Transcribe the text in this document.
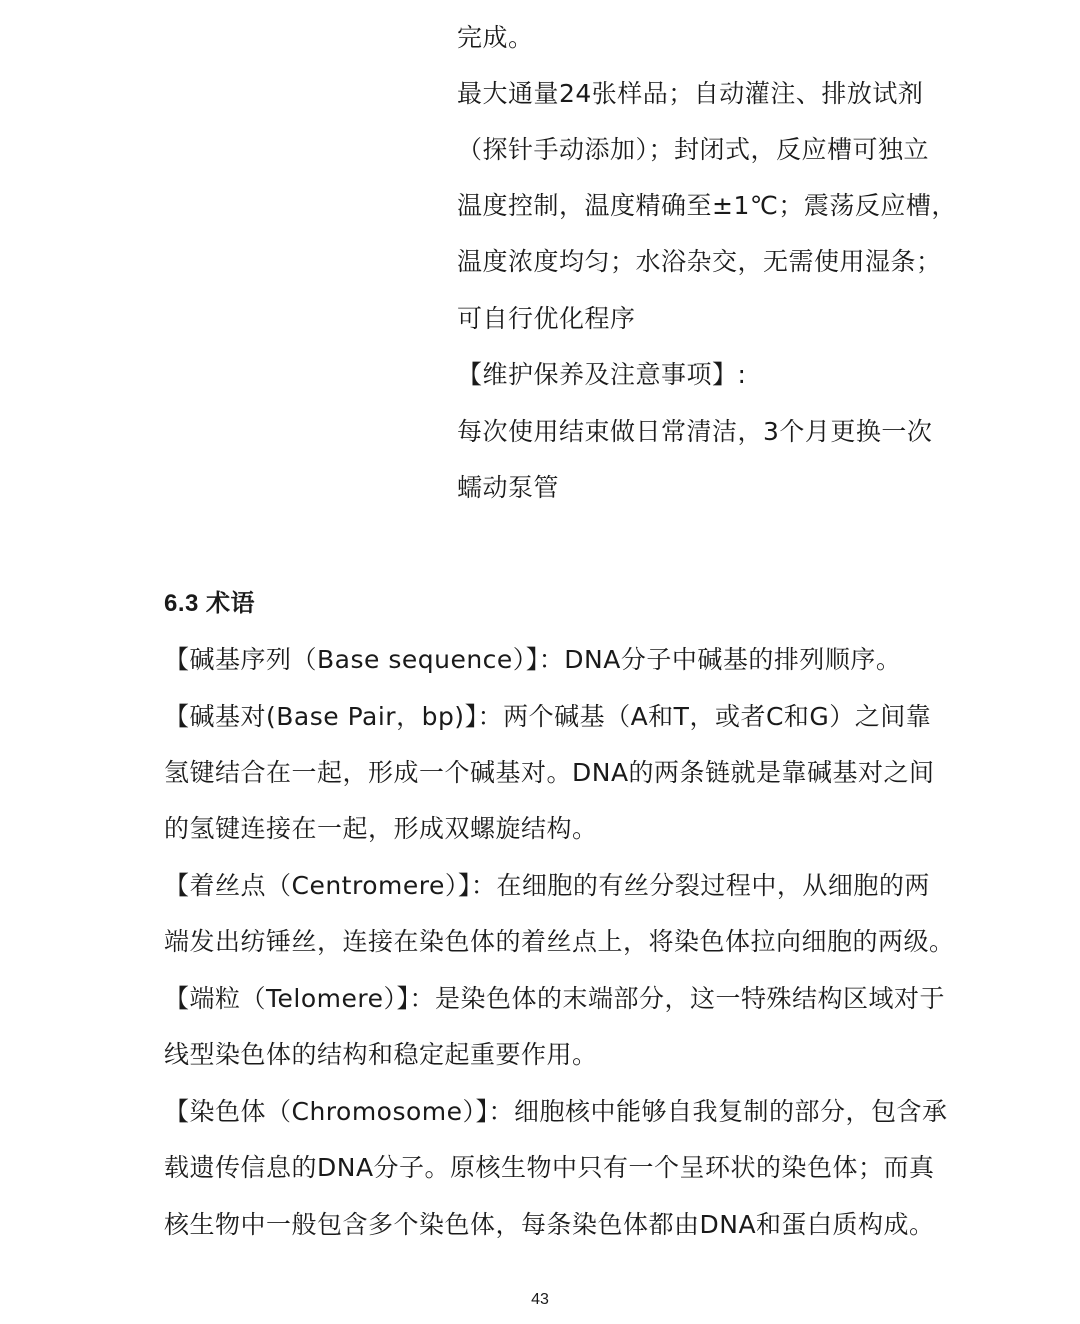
完成。
最大通量24张样品；自动灌注、排放试剂
（探针手动添加）；封闭式，反应槽可独立
温度控制，温度精确至±1℃；震荡反应槽，
温度浓度均匀；水浴杂交，无需使用湿条；
可自行优化程序
【维护保养及注意事项】:
每次使用结束做日常清洁，3个月更换一次
蠕动泵管
6.3 术语
【碱基序列（Base sequence）】：DNA分子中碱基的排列顺序。
【碱基对(Base Pair，bp)】：两个碱基（A和T，或者C和G）之间靠
氢键结合在一起，形成一个碱基对。DNA的两条链就是靠碱基对之间
的氢键连接在一起，形成双螺旋结构。
【着丝点（Centromere）】：在细胞的有丝分裂过程中，从细胞的两
端发出纺锤丝，连接在染色体的着丝点上，将染色体拉向细胞的两级。
【端粒（Telomere）】：是染色体的末端部分，这一特殊结构区域对于
线型染色体的结构和稳定起重要作用。
【染色体（Chromosome）】：细胞核中能够自我复制的部分，包含承
载遗传信息的DNA分子。原核生物中只有一个呈环状的染色体；而真
核生物中一般包含多个染色体，每条染色体都由DNA和蛋白质构成。
43
